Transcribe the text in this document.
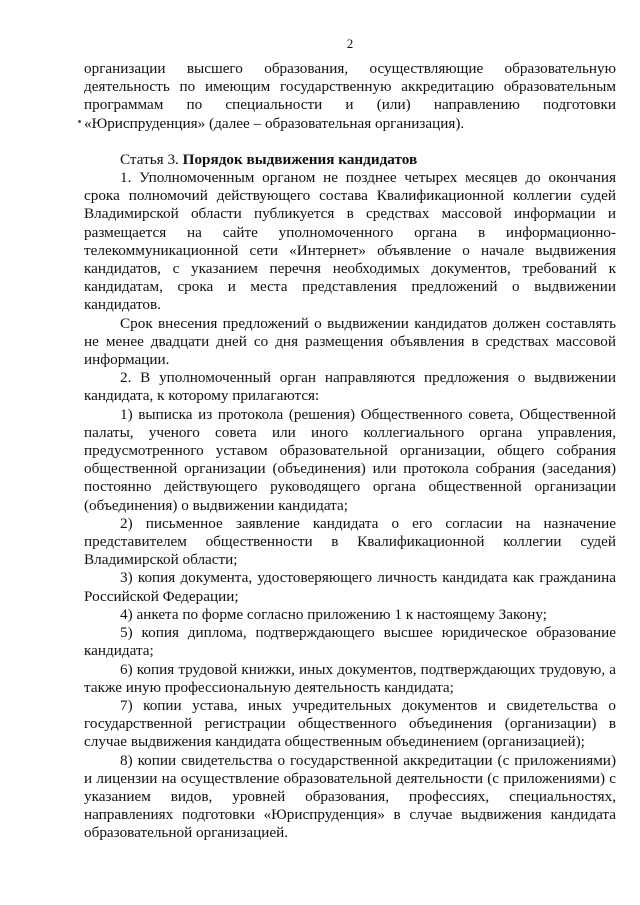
2

организации высшего образования, осуществляющие образовательную деятельность по имеющим государственную аккредитацию образовательным программам по специальности и (или) направлению подготовки «Юриспруденция» (далее – образовательная организация).

Статья 3. Порядок выдвижения кандидатов

1. Уполномоченным органом не позднее четырех месяцев до окончания срока полномочий действующего состава Квалификационной коллегии судей Владимирской области публикуется в средствах массовой информации и размещается на сайте уполномоченного органа в информационно-телекоммуникационной сети «Интернет» объявление о начале выдвижения кандидатов, с указанием перечня необходимых документов, требований к кандидатам, срока и места представления предложений о выдвижении кандидатов.

Срок внесения предложений о выдвижении кандидатов должен составлять не менее двадцати дней со дня размещения объявления в средствах массовой информации.

2. В уполномоченный орган направляются предложения о выдвижении кандидата, к которому прилагаются:

1) выписка из протокола (решения) Общественного совета, Общественной палаты, ученого совета или иного коллегиального органа управления, предусмотренного уставом образовательной организации, общего собрания общественной организации (объединения) или протокола собрания (заседания) постоянно действующего руководящего органа общественной организации (объединения) о выдвижении кандидата;

2) письменное заявление кандидата о его согласии на назначение представителем общественности в Квалификационной коллегии судей Владимирской области;

3) копия документа, удостоверяющего личность кандидата как гражданина Российской Федерации;

4) анкета по форме согласно приложению 1 к настоящему Закону;

5) копия диплома, подтверждающего высшее юридическое образование кандидата;

6) копия трудовой книжки, иных документов, подтверждающих трудовую, а также иную профессиональную деятельность кандидата;

7) копии устава, иных учредительных документов и свидетельства о государственной регистрации общественного объединения (организации) в случае выдвижения кандидата общественным объединением (организацией);

8) копии свидетельства о государственной аккредитации (с приложениями) и лицензии на осуществление образовательной деятельности (с приложениями) с указанием видов, уровней образования, профессиях, специальностях, направлениях подготовки «Юриспруденция» в случае выдвижения кандидата образовательной организацией.
